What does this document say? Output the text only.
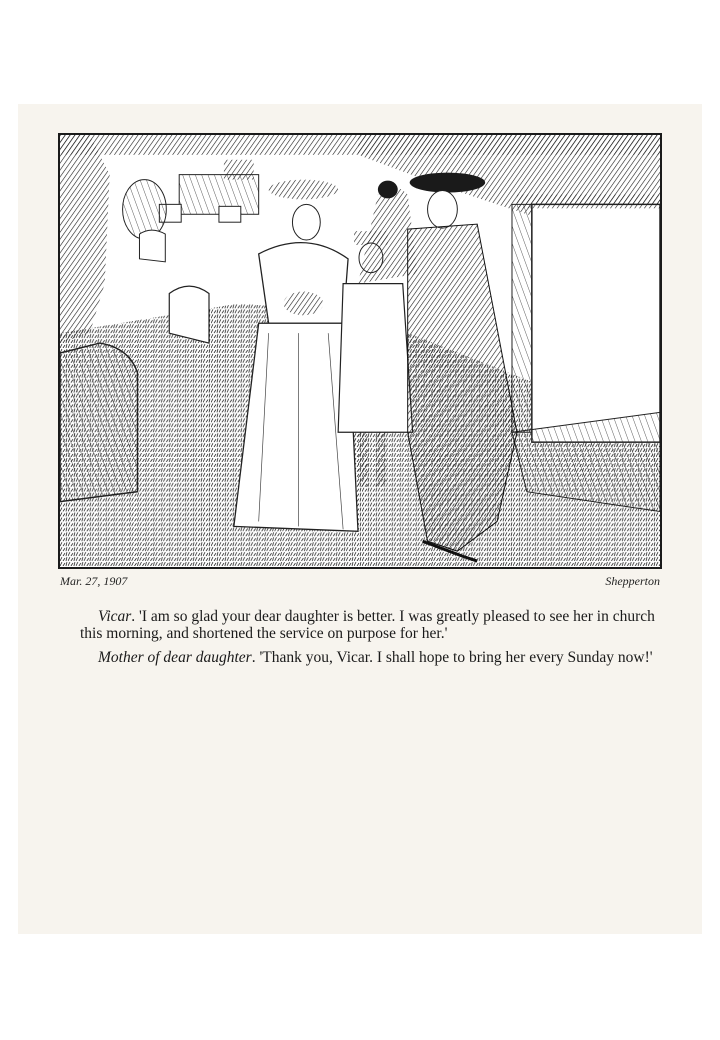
Mar. 27, 1907	Shepperton

Vicar. 'I am so glad your dear daughter is better. I was greatly pleased to see her in church this morning, and shortened the service on purpose for her.'

Mother of dear daughter. 'Thank you, Vicar. I shall hope to bring her every Sunday now!'
